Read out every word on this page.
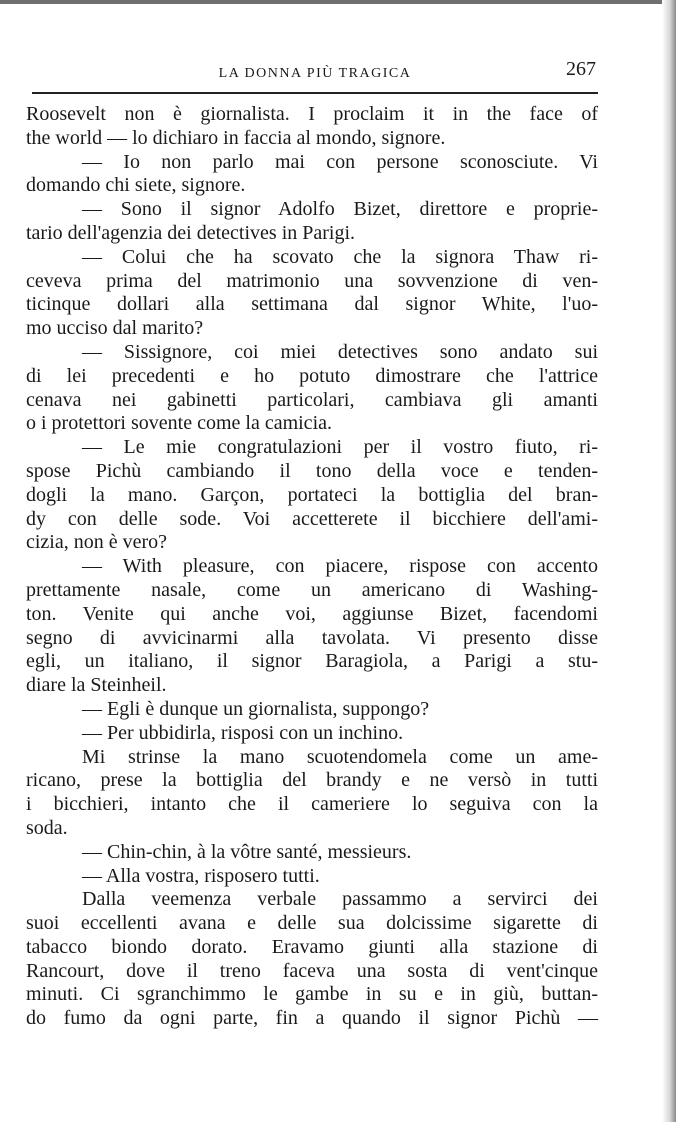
LA DONNA PIÙ TRAGICA	267
Roosevelt non è giornalista. I proclaim it in the face of
the world — lo dichiaro in faccia al mondo, signore.
— Io non parlo mai con persone sconosciute. Vi
domando chi siete, signore.
— Sono il signor Adolfo Bizet, direttore e proprie-
tario dell'agenzia dei detectives in Parigi.
— Colui che ha scovato che la signora Thaw ri-
ceveva prima del matrimonio una sovvenzione di ven-
ticinque dollari alla settimana dal signor White, l'uo-
mo ucciso dal marito?
— Sissignore, coi miei detectives sono andato sui
di lei precedenti e ho potuto dimostrare che l'attrice
cenava nei gabinetti particolari, cambiava gli amanti
o i protettori sovente come la camicia.
— Le mie congratulazioni per il vostro fiuto, ri-
spose Pichù cambiando il tono della voce e tenden-
dogli la mano. Garçon, portateci la bottiglia del bran-
dy con delle sode. Voi accetterete il bicchiere dell'ami-
cizia, non è vero?
— With pleasure, con piacere, rispose con accento
prettamente nasale, come un americano di Washing-
ton. Venite qui anche voi, aggiunse Bizet, facendomi
segno di avvicinarmi alla tavolata. Vi presento disse
egli, un italiano, il signor Baragiola, a Parigi a stu-
diare la Steinheil.
— Egli è dunque un giornalista, suppongo?
— Per ubbidirla, risposi con un inchino.
Mi strinse la mano scuotendomela come un ame-
ricano, prese la bottiglia del brandy e ne versò in tutti
i bicchieri, intanto che il cameriere lo seguiva con la
soda.
— Chin-chin, à la vôtre santé, messieurs.
— Alla vostra, risposero tutti.
Dalla veemenza verbale passammo a servirci dei
suoi eccellenti avana e delle sua dolcissime sigarette di
tabacco biondo dorato. Eravamo giunti alla stazione di
Rancourt, dove il treno faceva una sosta di vent'cinque
minuti. Ci sgranchimmo le gambe in su e in giù, buttan-
do fumo da ogni parte, fin a quando il signor Pichù —
